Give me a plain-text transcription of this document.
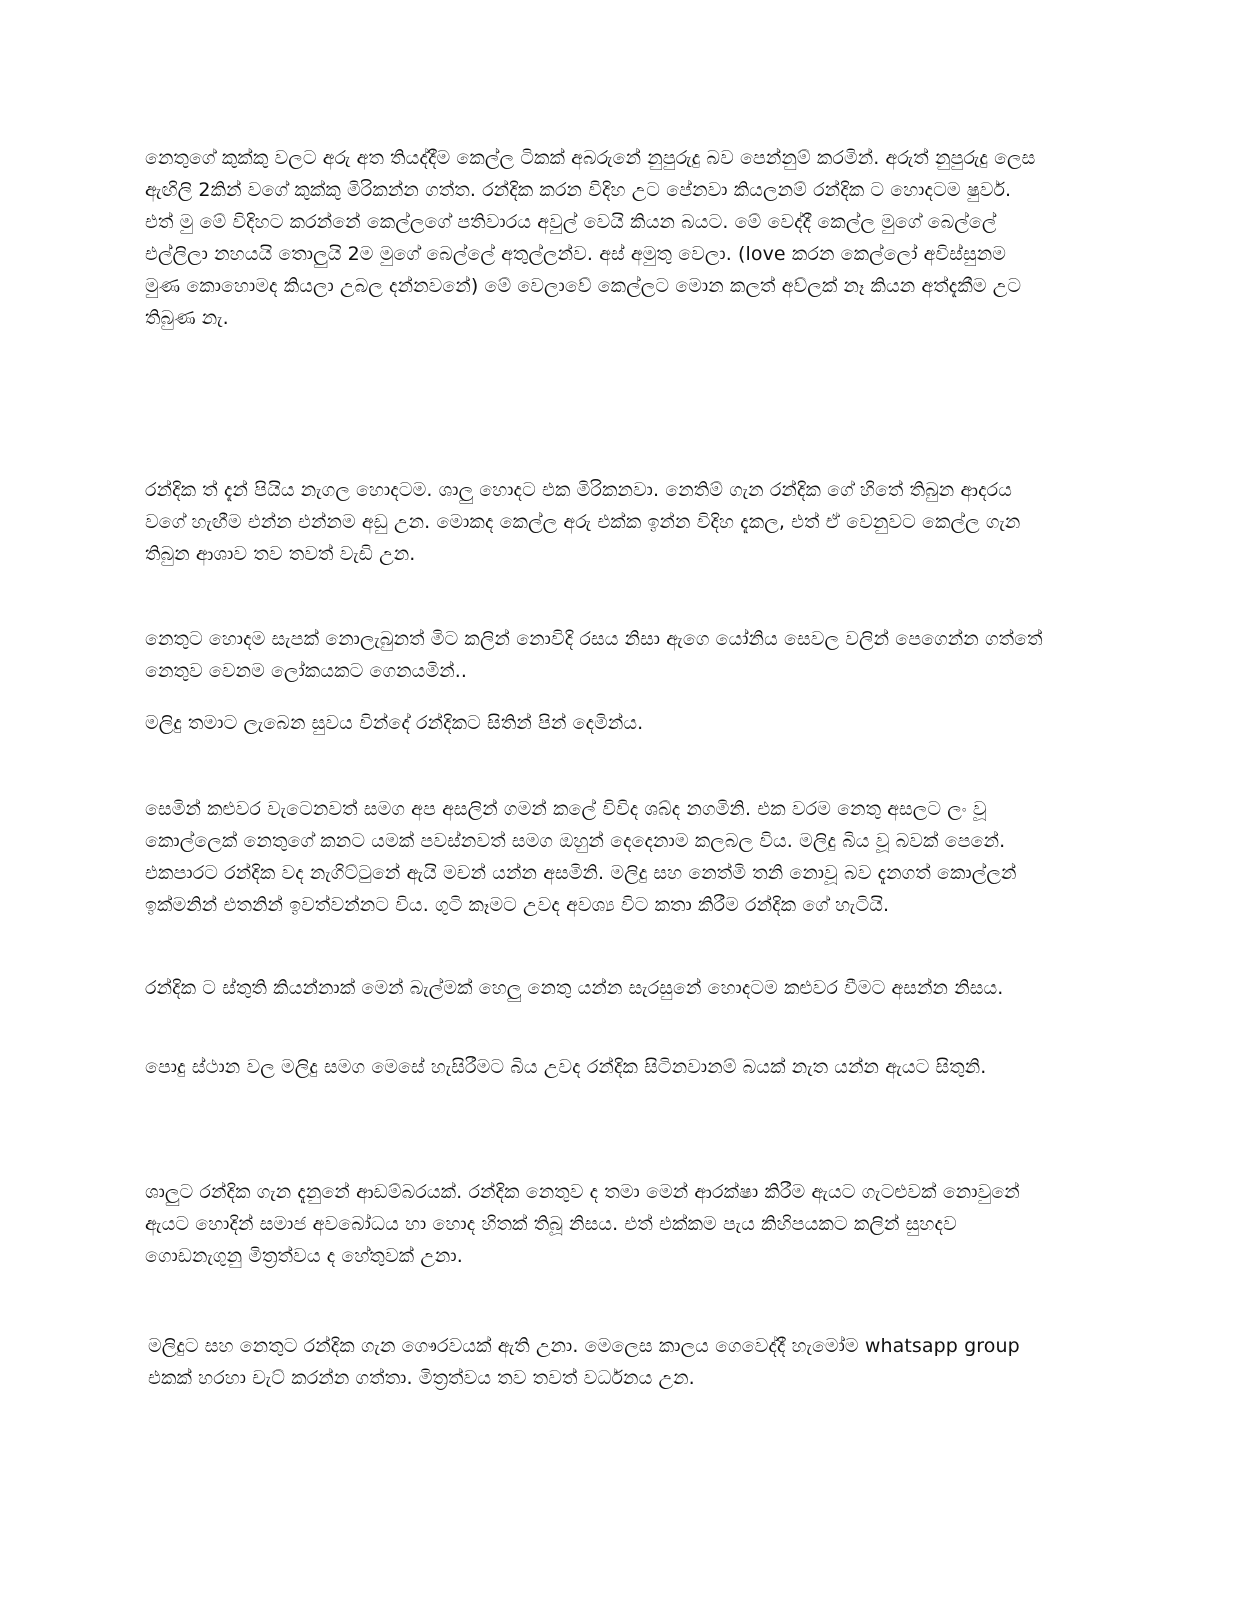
නෙතුගේ කුක්කු වලට අරු අත තියද්දීම කෙල්ල ටිකක් අබරුනේ නුපුරුදු බව පෙන්නුම් කරමින්. අරුත් නුපුරුදු ලෙස ඇඟිලි 2කින් වගේ කුක්කු මිරිකන්න ගත්ත. රන්දික කරන විදිහ උට පේනවා කියලනම් රන්දික ට හොදටම ෂුවර්. එත් මු මේ විදිහට කරන්නේ කෙල්ලගේ පතිවාරය අවුල් වෙයි කියන බයට. මේ වෙද්දී කෙල්ල මුගේ බෙල්ලේ එල්ලිලා නහයයි තොලුයි 2ම මුගේ බෙල්ලේ අතුල්ලන්ව. අස් අමුතු වෙලා. (love කරන කෙල්ලෝ අවිස්සුනම මුණ කොහොමද කියලා උබල දන්නවනේ) මේ වෙලාවේ කෙල්ලට මොන කලත් අව්ලක් නෑ කියන අත්දැකීම උට තිබුණ නැ.

රන්දික ත් දැන් පියිය නැගල හොදටම. ශාලු හොදට එක මිරිකනවා. නෙතිම් ගැන රන්දික ගේ හිතේ තිබුන ආදරය වගේ හැඟීම එන්න එන්නම අඩු උන. මොකද කෙල්ල අරු එක්ක ඉන්න විදිහ දැකල, එත් ඒ වෙනුවට කෙල්ල ගැන තිබුන ආශාව තව තවත් වැඩි උන.

නෙතුට හොදම සැපක් නොලැබුනත් මිට කලින් නොවිදි රසය නිසා ඇගෙ යෝනිය සෙවල වලින් පෙගෙන්න ගත්තේ නෙතුව වෙනම ලෝකයකට ගෙනයමින්..

මලිදු තමාට ලැබෙන සුවය වින්දේ රන්දිකට සිතින් පින් දෙමින්ය.

සෙමින් කළුවර වැටෙනවත් සමග අප අසලින් ගමන් කලේ විවිද ශබ්ද නගමිනි. එක වරම නෙතු අසලට ලං වූ කොල්ලෙක් නෙතුගේ කනට යමක් පවස්නවත් සමග ඔහුන් දෙදෙනාම කලබල විය. මලිදු බිය වූ බවක් පෙනේ. එකපාරට රන්දික වද නැගිට්ටුනේ ඇයි මචන් යන්න අසමිනි. මලිදු සහ නෙත්මි තනි නොවූ බව දැනගත් කොල්ලන් ඉක්මනින් එතනින් ඉවත්වන්නට විය. ගුටි කෑමට උවද අවශ්‍ය විට කතා කිරීම රන්දික ගේ හැටියි.

රන්දික ට ස්තුති කියන්නාක් මෙන් බැල්මක් හෙලු නෙතු යන්න සැරසුනේ හොදටම කළුවර වීමට අසන්න නිසය.

පොදු ස්ථාන වල මලිදු සමග මෙසේ හැසිරීමට බිය උවද රන්දික සිටිනවානම් බයක් නැත යන්න ඇයට සිතුනි.

ශාලුට රන්දික ගැන දැනුනේ ආඩම්බරයක්. රන්දික නෙතුව ද තමා මෙන් ආරක්ෂා කිරීම ඇයට ගැටළුවක් නොවුනේ ඇයට හොදින් සමාජ අවබෝධය හා හොද හිතක් තිබූ නිසය. එත් එක්කම පැය කිහිපයකට කලින් සුහදව ගොඩනැගුනු මිත්‍රත්වය ද හේතුවක් උනා.

මලිදුට සහ නෙතුට රන්දික ගැන ගෞරවයක් ඇති උනා. මෙලෙස කාලය ගෙවෙද්දී හැමෝම whatsapp group එකක් හරහා චැට් කරන්න ගත්තා. මිත්‍රත්වය තව තවත් වර්ධනය උන.
